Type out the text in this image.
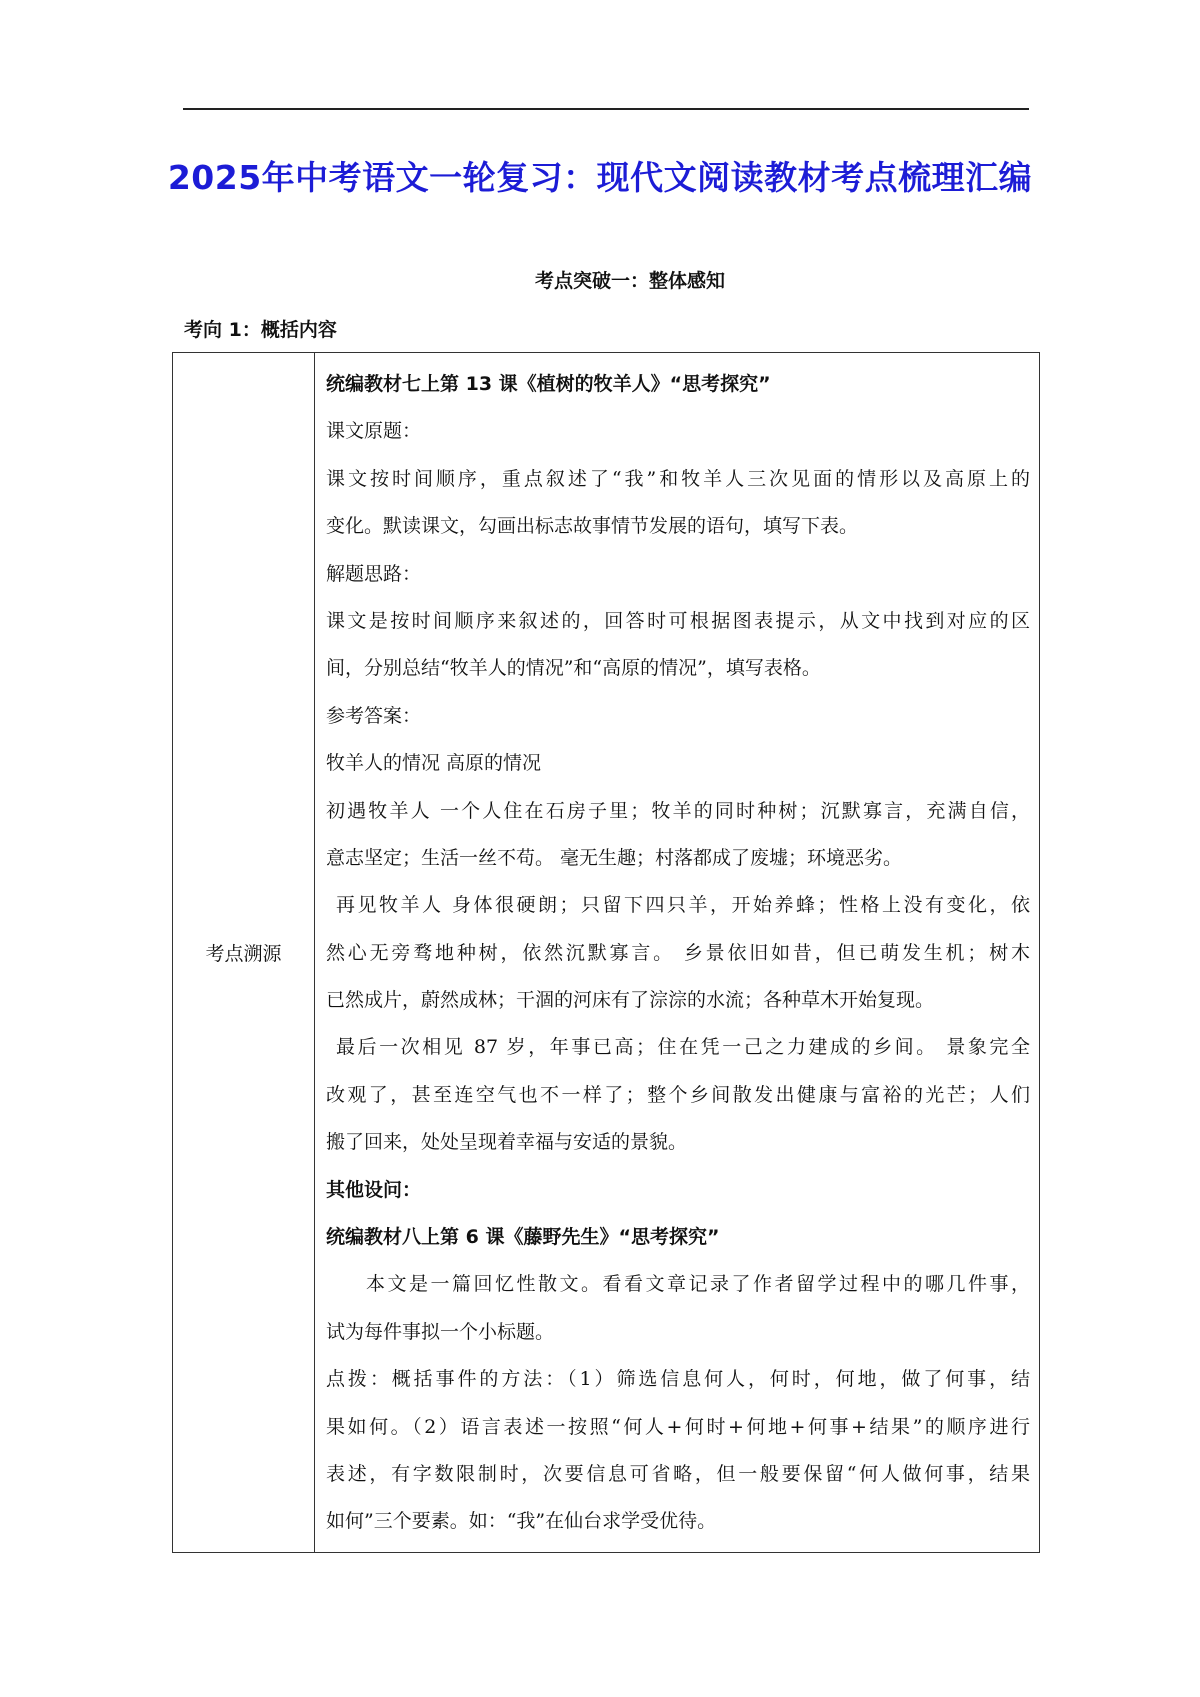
2025年中考语文一轮复习：现代文阅读教材考点梳理汇编
考点突破一：整体感知
考向 1：概括内容
考点溯源	
统编教材七上第 13 课《植树的牧羊人》“思考探究”
课文原题：
课文按时间顺序，重点叙述了“我”和牧羊人三次见面的情形以及高原上的
变化。默读课文，勾画出标志故事情节发展的语句，填写下表。
解题思路：
课文是按时间顺序来叙述的，回答时可根据图表提示，从文中找到对应的区
间，分别总结“牧羊人的情况”和“高原的情况”，填写表格。
参考答案：
牧羊人的情况 高原的情况
初遇牧羊人 一个人住在石房子里；牧羊的同时种树；沉默寡言，充满自信，
意志坚定；生活一丝不苟。 毫无生趣；村落都成了废墟；环境恶劣。
再见牧羊人 身体很硬朗；只留下四只羊，开始养蜂；性格上没有变化，依
然心无旁骛地种树，依然沉默寡言。 乡景依旧如昔，但已萌发生机；树木
已然成片，蔚然成林；干涸的河床有了淙淙的水流；各种草木开始复现。
最后一次相见 87 岁，年事已高；住在凭一己之力建成的乡间。 景象完全
改观了，甚至连空气也不一样了；整个乡间散发出健康与富裕的光芒；人们
搬了回来，处处呈现着幸福与安适的景貌。
其他设问：
统编教材八上第 6 课《藤野先生》“思考探究”
本文是一篇回忆性散文。看看文章记录了作者留学过程中的哪几件事，
试为每件事拟一个小标题。
点拨：概括事件的方法：（1）筛选信息何人，何时，何地，做了何事，结
果如何。（2）语言表述一按照“何人+何时+何地+何事+结果”的顺序进行
表述，有字数限制时，次要信息可省略，但一般要保留“何人做何事，结果
如何”三个要素。如：“我”在仙台求学受优待。
